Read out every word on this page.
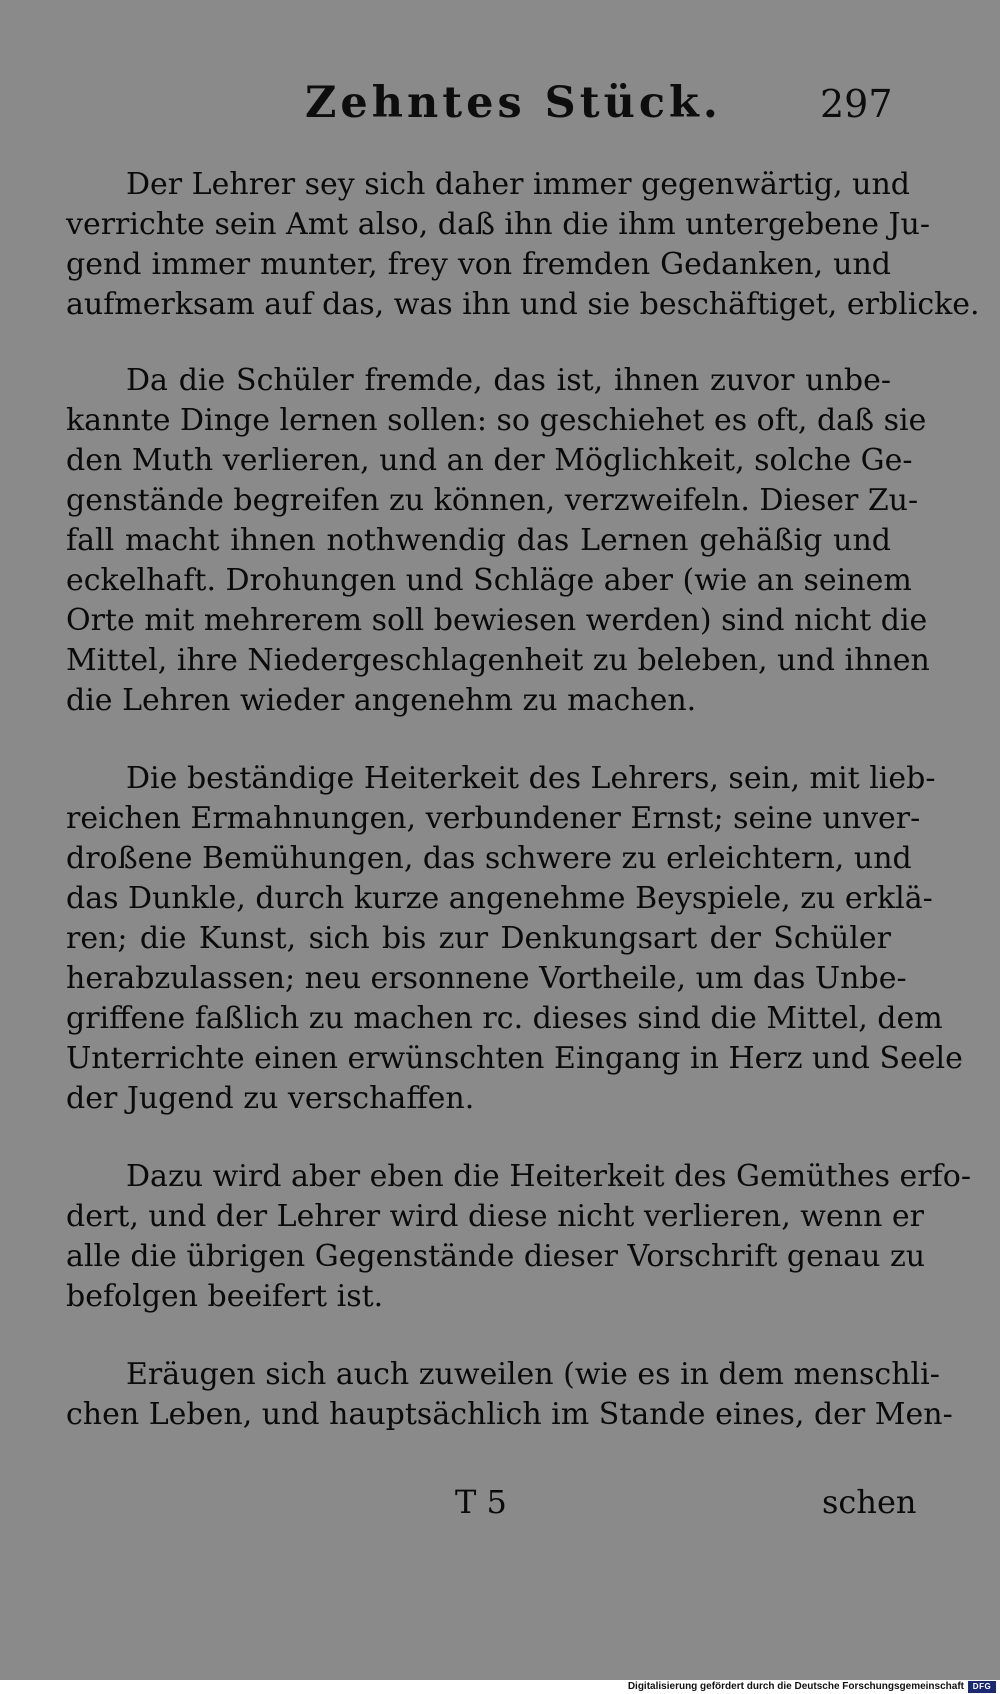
Zehntes Stück.	297
Der Lehrer sey sich daher immer gegenwärtig, und
verrichte sein Amt also, daß ihn die ihm untergebene Ju-
gend immer munter, frey von fremden Gedanken, und
aufmerksam auf das, was ihn und sie beschäftiget, erblicke.
Da die Schüler fremde, das ist, ihnen zuvor unbe-
kannte Dinge lernen sollen: so geschiehet es oft, daß sie
den Muth verlieren, und an der Möglichkeit, solche Ge-
genstände begreifen zu können, verzweifeln. Dieser Zu-
fall macht ihnen nothwendig das Lernen gehäßig und
eckelhaft. Drohungen und Schläge aber (wie an seinem
Orte mit mehrerem soll bewiesen werden) sind nicht die
Mittel, ihre Niedergeschlagenheit zu beleben, und ihnen
die Lehren wieder angenehm zu machen.
Die beständige Heiterkeit des Lehrers, sein, mit lieb-
reichen Ermahnungen, verbundener Ernst; seine unver-
droßene Bemühungen, das schwere zu erleichtern, und
das Dunkle, durch kurze angenehme Beyspiele, zu erklä-
ren; die Kunst, sich bis zur Denkungsart der Schüler
herabzulassen; neu ersonnene Vortheile, um das Unbe-
griffene faßlich zu machen rc. dieses sind die Mittel, dem
Unterrichte einen erwünschten Eingang in Herz und Seele
der Jugend zu verschaffen.
Dazu wird aber eben die Heiterkeit des Gemüthes erfo-
dert, und der Lehrer wird diese nicht verlieren, wenn er
alle die übrigen Gegenstände dieser Vorschrift genau zu
befolgen beeifert ist.
Eräugen sich auch zuweilen (wie es in dem menschli-
chen Leben, und hauptsächlich im Stande eines, der Men-
T 5	schen
Digitalisierung gefördert durch die Deutsche Forschungsgemeinschaft	DFG
